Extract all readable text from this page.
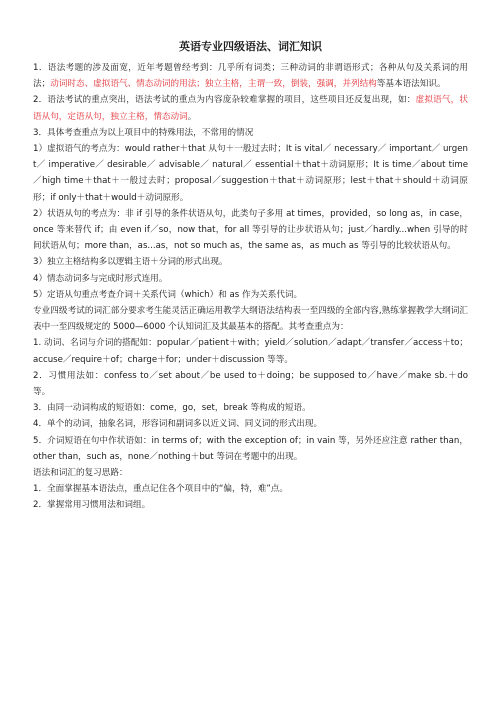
英语专业四级语法、词汇知识

1．语法考题的涉及面宽，近年考题曾经考到：几乎所有词类；三种动词的非谓语形式；各种从句及关系词的用法；动词时态、虚拟语气、情态动词的用法；独立主格，主谓一致，倒装，强调，并列结构等基本语法知识。

2．语法考试的重点突出，语法考试的重点为内容庞杂较难掌握的项目，这些项目还反复出现，如：虚拟语气，状语从句，定语从句，独立主格，情态动词。

3．具体考查重点为以上项目中的特殊用法，不常用的情况

1）虚拟语气的考点为：would rather＋that 从句＋一般过去时；It is vital／ necessary／ important／ urgent／ imperative／ desirable／ advisable／ natural／ essential＋that＋动词原形；It is time／about time／high time＋that＋一般过去时；proposal／suggestion＋that＋动词原形；lest＋that＋should＋动词原形；if only＋that＋would＋动词原形。

2）状语从句的考点为：非 if 引导的条件状语从句，此类句子多用 at times，provided，so long as，in case，once 等来替代 if；由 even if／so，now that，for all 等引导的让步状语从句；just／hardly...when 引导的时间状语从句；more than，as...as，not so much as，the same as，as much as 等引导的比较状语从句。

3）独立主格结构多以逻辑主语＋分词的形式出现。

4）情态动词多与完成时形式连用。

5）定语从句重点考查介词＋关系代词（which）和 as 作为关系代词。

专业四级考试的词汇部分要求考生能灵活正确运用教学大纲语法结构表一至四级的全部内容,熟练掌握教学大纲词汇表中一至四级规定的 5000—6000 个认知词汇及其最基本的搭配。其考查重点为：

1. 动词、名词与介词的搭配如：popular／patient＋with；yield／solution／adapt／transfer／access＋to；accuse／require＋of；charge＋for；under＋discussion 等等。

2．习惯用法如：confess to／set about／be used to＋doing；be supposed to／have／make sb.＋do 等。

3．由同一动词构成的短语如：come，go，set，break 等构成的短语。

4．单个的动词，抽象名词，形容词和副词多以近义词、同义词的形式出现。

5．介词短语在句中作状语如：in terms of；with the exception of；in vain 等，另外还应注意 rather than，other than，such as，none／nothing＋but 等词在考题中的出现。

语法和词汇的复习思路：

1．全面掌握基本语法点，重点记住各个项目中的“偏，特，难”点。

2．掌握常用习惯用法和词组。
